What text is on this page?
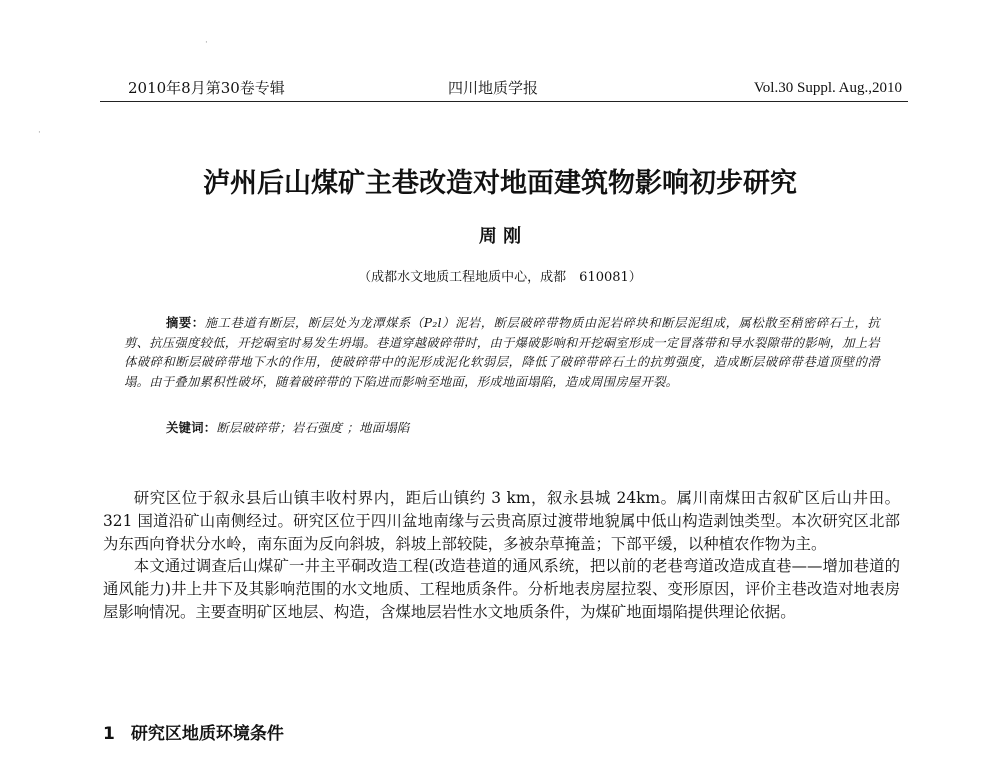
·
·
2010年8月第30卷专辑	四川地质学报	Vol.30 Suppl. Aug.,2010
泸州后山煤矿主巷改造对地面建筑物影响初步研究
周 刚
（成都水文地质工程地质中心，成都　610081）
摘要：施工巷道有断层，断层处为龙潭煤系（P₂l）泥岩，断层破碎带物质由泥岩碎块和断层泥组成，属松散至稍密碎石土，抗剪、抗压强度较低，开挖硐室时易发生坍塌。巷道穿越破碎带时，由于爆破影响和开挖硐室形成一定冒落带和导水裂隙带的影响，加上岩体破碎和断层破碎带地下水的作用，使破碎带中的泥形成泥化软弱层，降低了破碎带碎石土的抗剪强度，造成断层破碎带巷道顶壁的滑塌。由于叠加累积性破坏，随着破碎带的下陷进而影响至地面，形成地面塌陷，造成周围房屋开裂。
关键词：断层破碎带；岩石强度 ；地面塌陷

研究区位于叙永县后山镇丰收村界内，距后山镇约 3 km，叙永县城 24km。属川南煤田古叙矿区后山井田。321 国道沿矿山南侧经过。研究区位于四川盆地南缘与云贵高原过渡带地貌属中低山构造剥蚀类型。本次研究区北部为东西向脊状分水岭，南东面为反向斜坡，斜坡上部较陡，多被杂草掩盖；下部平缓，以种植农作物为主。

本文通过调查后山煤矿一井主平硐改造工程(改造巷道的通风系统，把以前的老巷弯道改造成直巷——增加巷道的通风能力)井上井下及其影响范围的水文地质、工程地质条件。分析地表房屋拉裂、变形原因，评价主巷改造对地表房屋影响情况。主要查明矿区地层、构造，含煤地层岩性水文地质条件，为煤矿地面塌陷提供理论依据。

1 研究区地质环境条件
